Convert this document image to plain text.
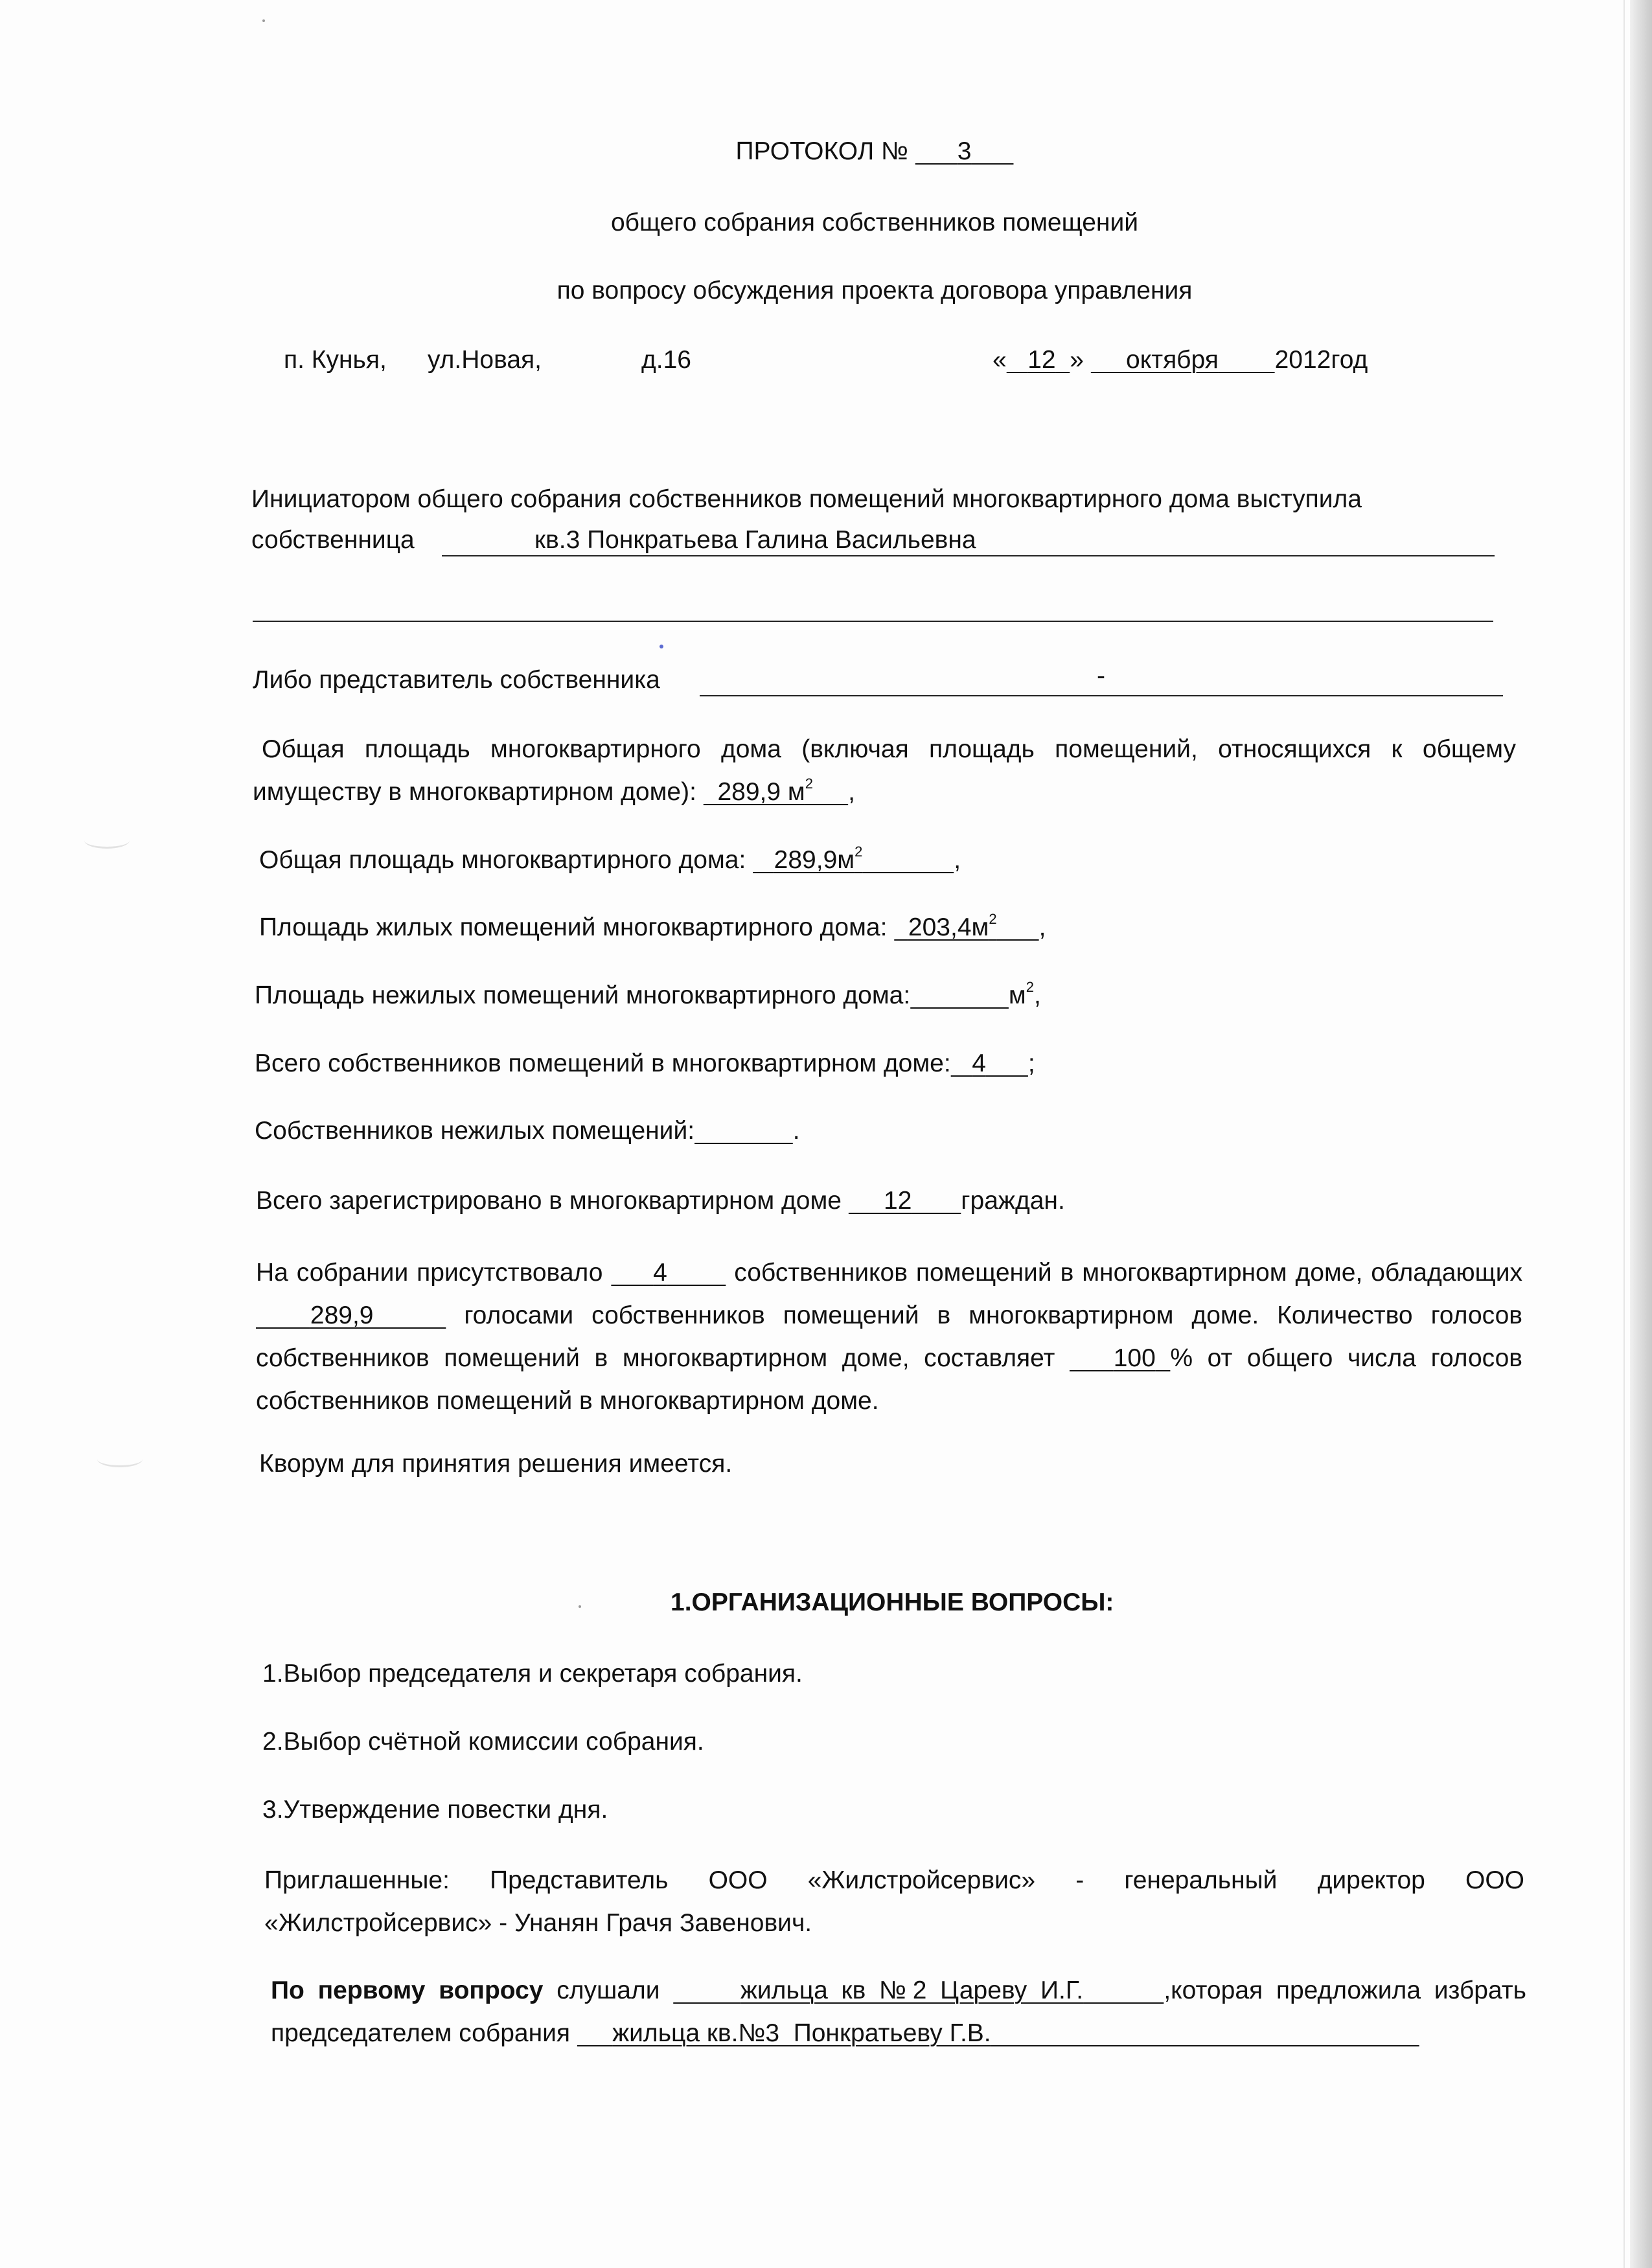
ПРОТОКОЛ № 3
общего собрания собственников помещений
по вопросу обсуждения проекта договора управления
п. Кунья, ул.Новая,	д.16	« 12 » октября 2012год
Инициатором общего собрания собственников помещений многоквартирного дома выступила
собственница	кв.3 Понкратьева Галина Васильевна
Либо представитель собственника	-
Общая площадь многоквартирного дома (включая площадь помещений, относящихся к общему имуществу в многоквартирном доме): 289,9 $м^2$ ,
Общая площадь многоквартирного дома: $289,9м^2$	,
Площадь жилых помещений многоквартирного дома: $203,4м^2$ ,
Площадь нежилых помещений многоквартирного дома:	$м^2$,
Всего собственников помещений в многоквартирном доме: 4 ;
Собственников нежилых помещений:	.
Всего зарегистрировано в многоквартирном доме 12 граждан.
На собрании присутствовало 4	собственников помещений в многоквартирном доме, обладающих    289,9	голосами собственников помещений в многоквартирном доме. Количество голосов собственников помещений в многоквартирном доме, составляет 100 % от общего числа голосов собственников помещений в многоквартирном доме.
Кворум для принятия решения имеется.
1.ОРГАНИЗАЦИОННЫЕ ВОПРОСЫ:
1.Выбор председателя и секретаря собрания.
2.Выбор счётной комиссии собрания.
3.Утверждение повестки дня.
Приглашенные: Представитель ООО «Жилстройсервис» - генеральный директор ООО «Жилстройсервис» - Унанян Грачя Завенович.
По первому вопросу слушали	жильца кв №2 Цареву И.Г.	,которая предложила избрать председателем собрания жильца кв.№3  Понкратьеву Г.В.
